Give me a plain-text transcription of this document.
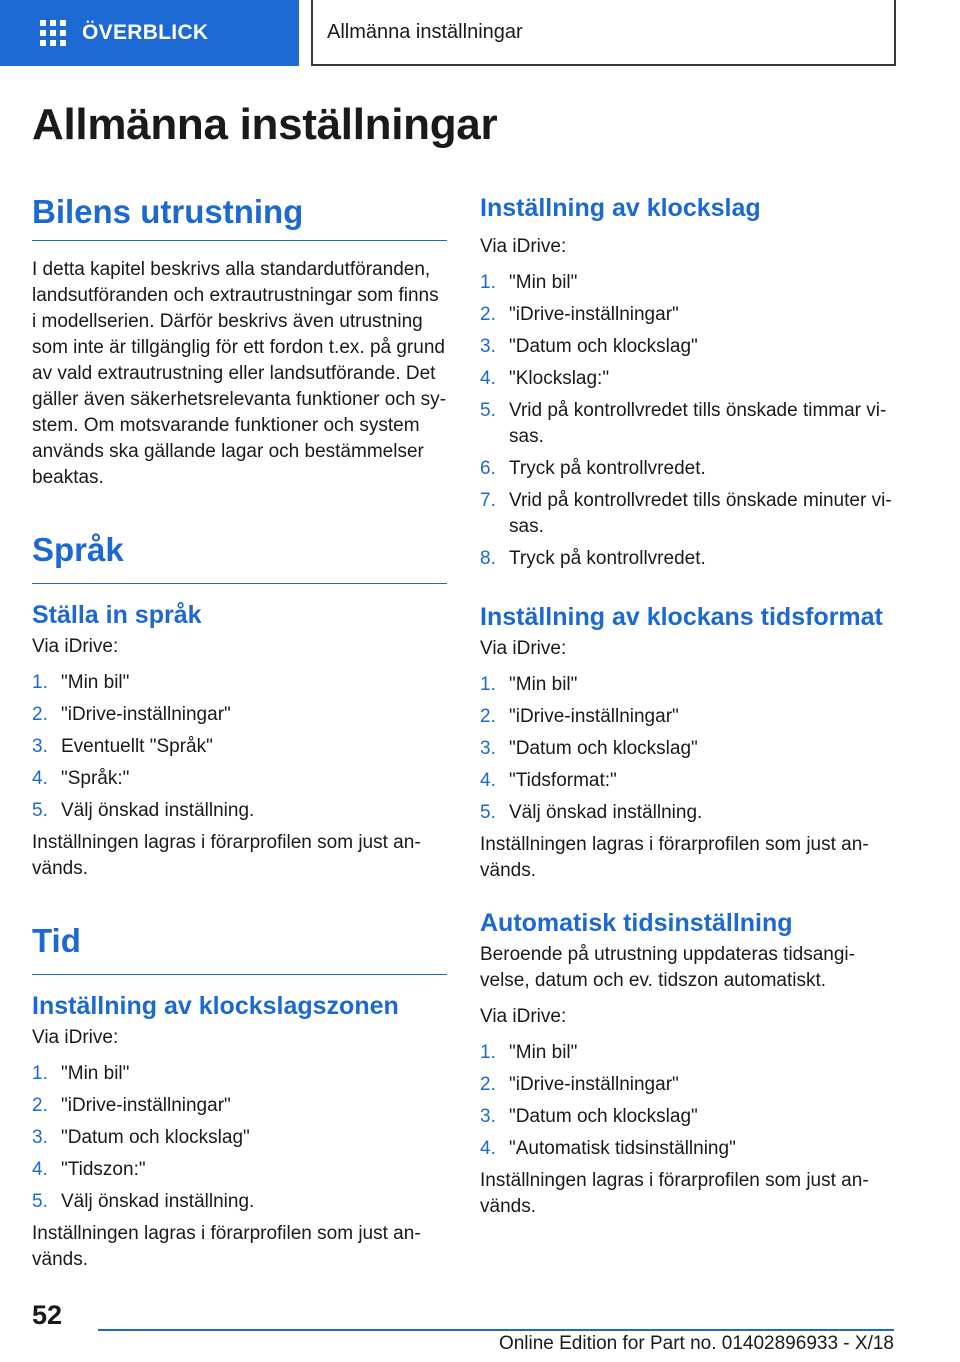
ÖVERBLICK	Allmänna inställningar
Allmänna inställningar
Bilens utrustning

I detta kapitel beskrivs alla standardutföranden, landsutföranden och extrautrustningar som finns i modellserien. Därför beskrivs även utrustning som inte är tillgänglig för ett fordon t.ex. på grund av vald extrautrustning eller landsutförande. Det gäller även säkerhetsrelevanta funktioner och system. Om motsvarande funktioner och system används ska gällande lagar och bestämmelser beaktas.

Språk
Ställa in språk

Via iDrive:

1. "Min bil"
2. "iDrive-inställningar"
3. Eventuellt "Språk"
4. "Språk:"
5. Välj önskad inställning.

Inställningen lagras i förarprofilen som just används.

Tid
Inställning av klockslagszonen

Via iDrive:

1. "Min bil"
2. "iDrive-inställningar"
3. "Datum och klockslag"
4. "Tidszon:"
5. Välj önskad inställning.

Inställningen lagras i förarprofilen som just används.

Inställning av klockslag

Via iDrive:

1. "Min bil"
2. "iDrive-inställningar"
3. "Datum och klockslag"
4. "Klockslag:"
5. Vrid på kontrollvredet tills önskade timmar visas.
6. Tryck på kontrollvredet.
7. Vrid på kontrollvredet tills önskade minuter visas.
8. Tryck på kontrollvredet.
Inställning av klockans tidsformat

Via iDrive:

1. "Min bil"
2. "iDrive-inställningar"
3. "Datum och klockslag"
4. "Tidsformat:"
5. Välj önskad inställning.

Inställningen lagras i förarprofilen som just används.

Automatisk tidsinställning

Beroende på utrustning uppdateras tidsangivelse, datum och ev. tidszon automatiskt.

Via iDrive:

1. "Min bil"
2. "iDrive-inställningar"
3. "Datum och klockslag"
4. "Automatisk tidsinställning"

Inställningen lagras i förarprofilen som just används.

52
Online Edition for Part no. 01402896933 - X/18
